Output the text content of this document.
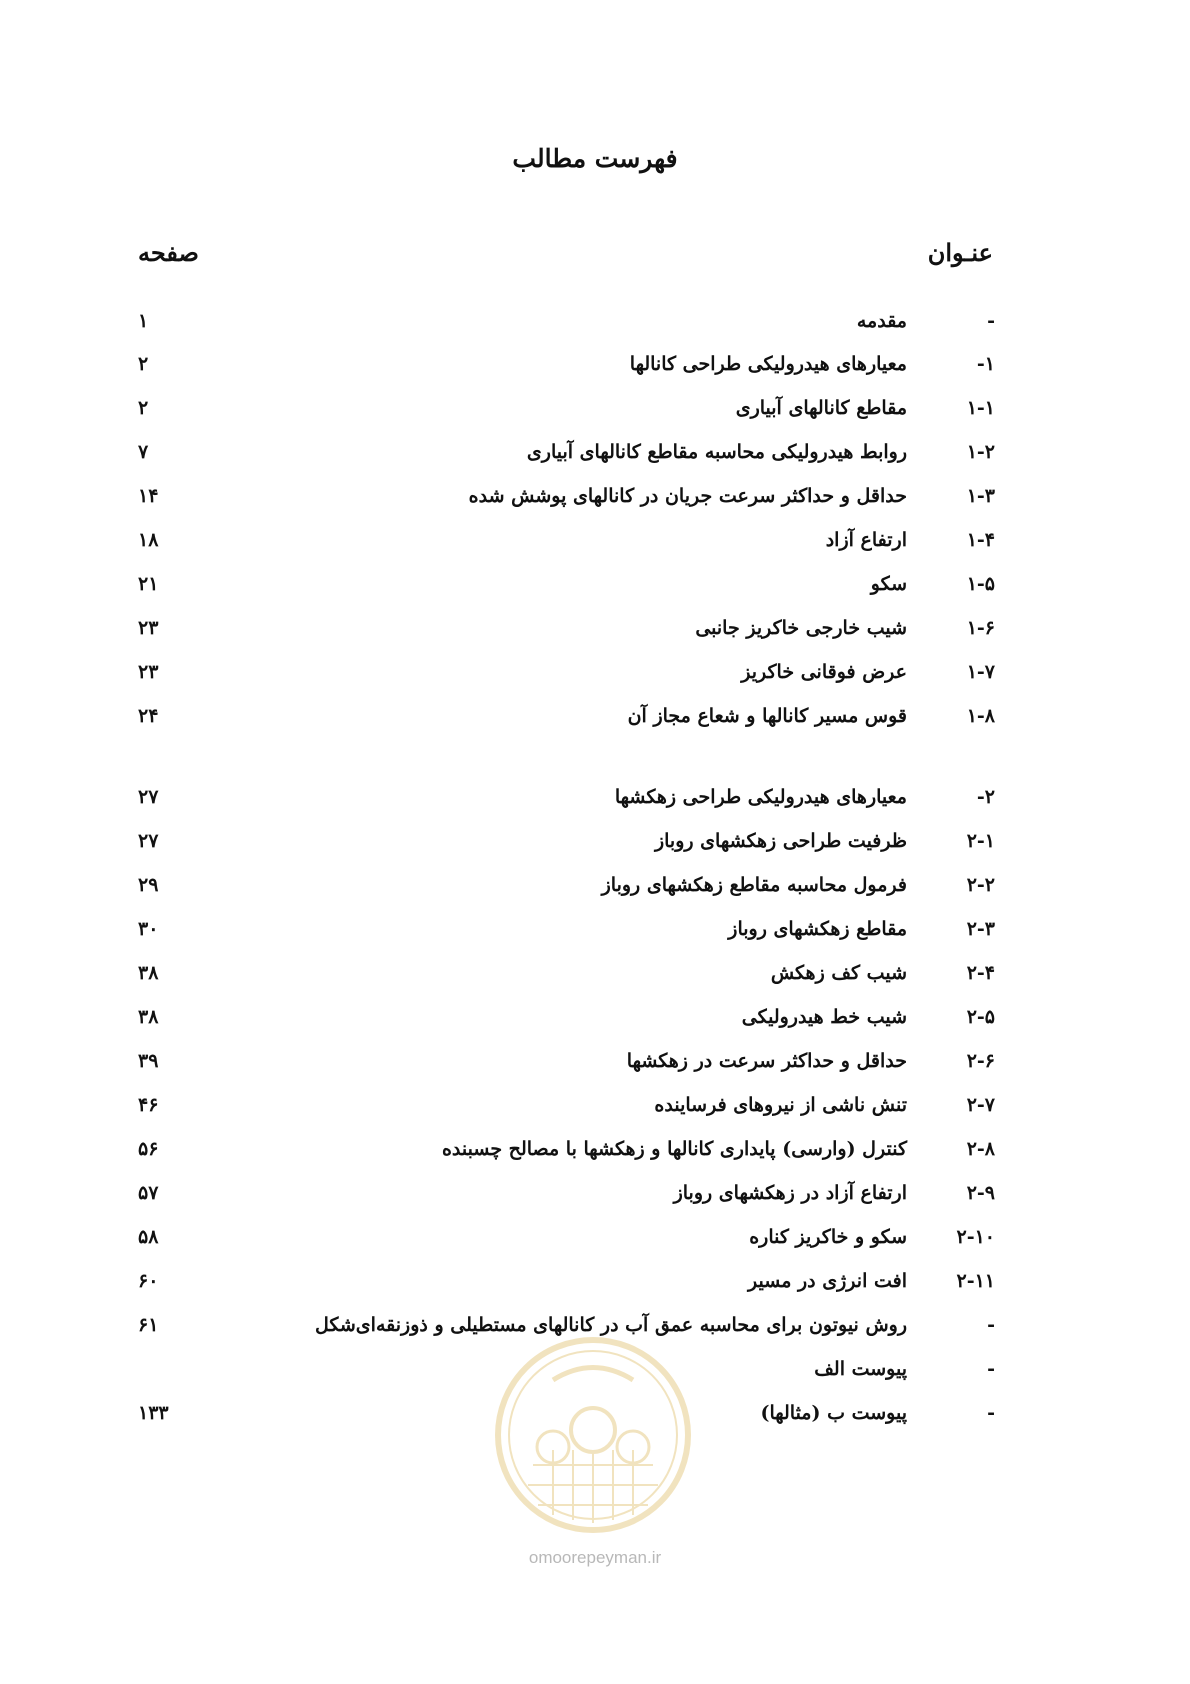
فهرست مطالب
عنـوان
صفحه
-
مقدمه
۱
۱-
معیارهای هیدرولیکی طراحی کانالها
۲
۱-۱
مقاطع کانالهای آبیاری
۲
۱-۲
روابط هیدرولیکی محاسبه مقاطع کانالهای آبیاری
۷
۱-۳
حداقل و حداکثر سرعت جریان در کانالهای پوشش شده
۱۴
۱-۴
ارتفاع آزاد
۱۸
۱-۵
سکو
۲۱
۱-۶
شیب خارجی خاکریز جانبی
۲۳
۱-۷
عرض فوقانی خاکریز
۲۳
۱-۸
قوس مسیر کانالها و شعاع مجاز آن
۲۴
۲-
معیارهای هیدرولیکی طراحی زهکشها
۲۷
۲-۱
ظرفیت طراحی زهکشهای روباز
۲۷
۲-۲
فرمول محاسبه مقاطع زهکشهای روباز
۲۹
۲-۳
مقاطع زهکشهای روباز
۳۰
۲-۴
شیب کف زهکش
۳۸
۲-۵
شیب خط هیدرولیکی
۳۸
۲-۶
حداقل و حداکثر سرعت در زهکشها
۳۹
۲-۷
تنش ناشی از نیروهای فرساینده
۴۶
۲-۸
کنترل (وارسی) پایداری کانالها و زهکشها با مصالح چسبنده
۵۶
۲-۹
ارتفاع آزاد در زهکشهای روباز
۵۷
۲-۱۰
سکو و خاکریز کناره
۵۸
۲-۱۱
افت انرژی در مسیر
۶۰
-
روش نیوتون برای محاسبه عمق آب در کانالهای مستطیلی و ذوزنقه‌ای‌شکل
۶۱
-
پیوست الف
-
پیوست ب (مثالها)
۱۳۳
omoorepeyman.ir
